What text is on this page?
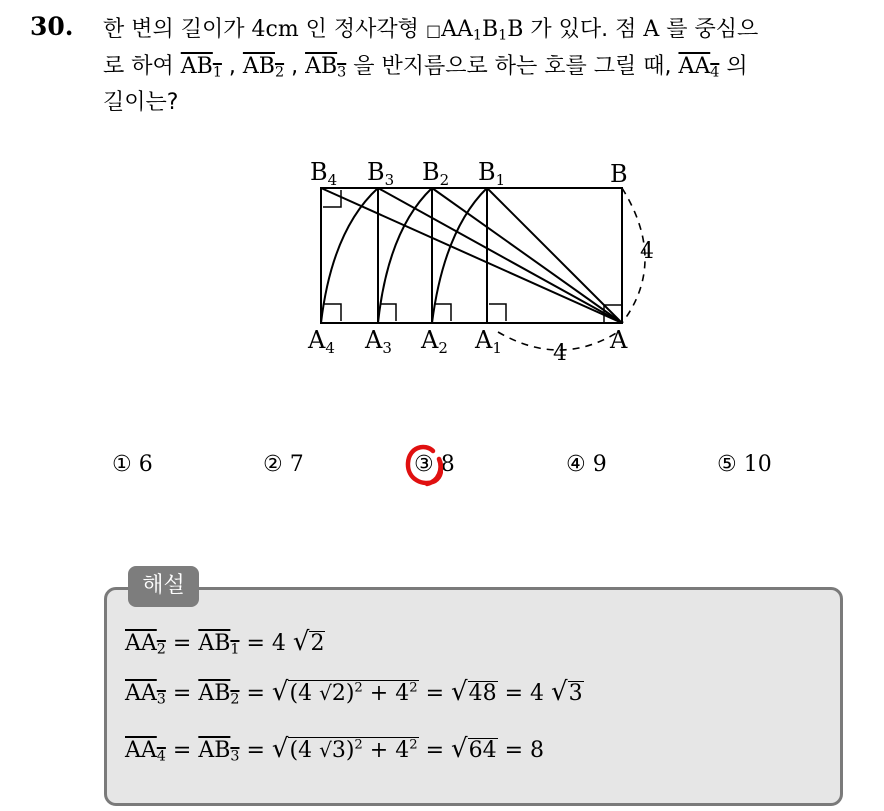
30. 한 변의 길이가 4cm 인 정사각형 $□AA_1B_1B$ 가 있다. 점 A 를 중심으
로 하여 $AB_1$ , $AB_2$ , $AB_3$ 을 반지름으로 하는 호를 그릴 때, $AA_4$ 의
길이는?
$B_4$ $B_3$ $B_2$ $B_1$	B
$A_4$ $A_3$ $A_2$ $A_1$	A
4
4
① 6	② 7	③ 8	④ 9	⑤ 10
해설
$AA_2 = AB_1 = 4$ √2
$AA_3 = AB_2 = √(4$ $√2)^2 + 4^2 = √48 = 4$ √3
$AA_4 = AB_3 = √(4$ $√3)^2 + 4^2 = √64 = 8$
